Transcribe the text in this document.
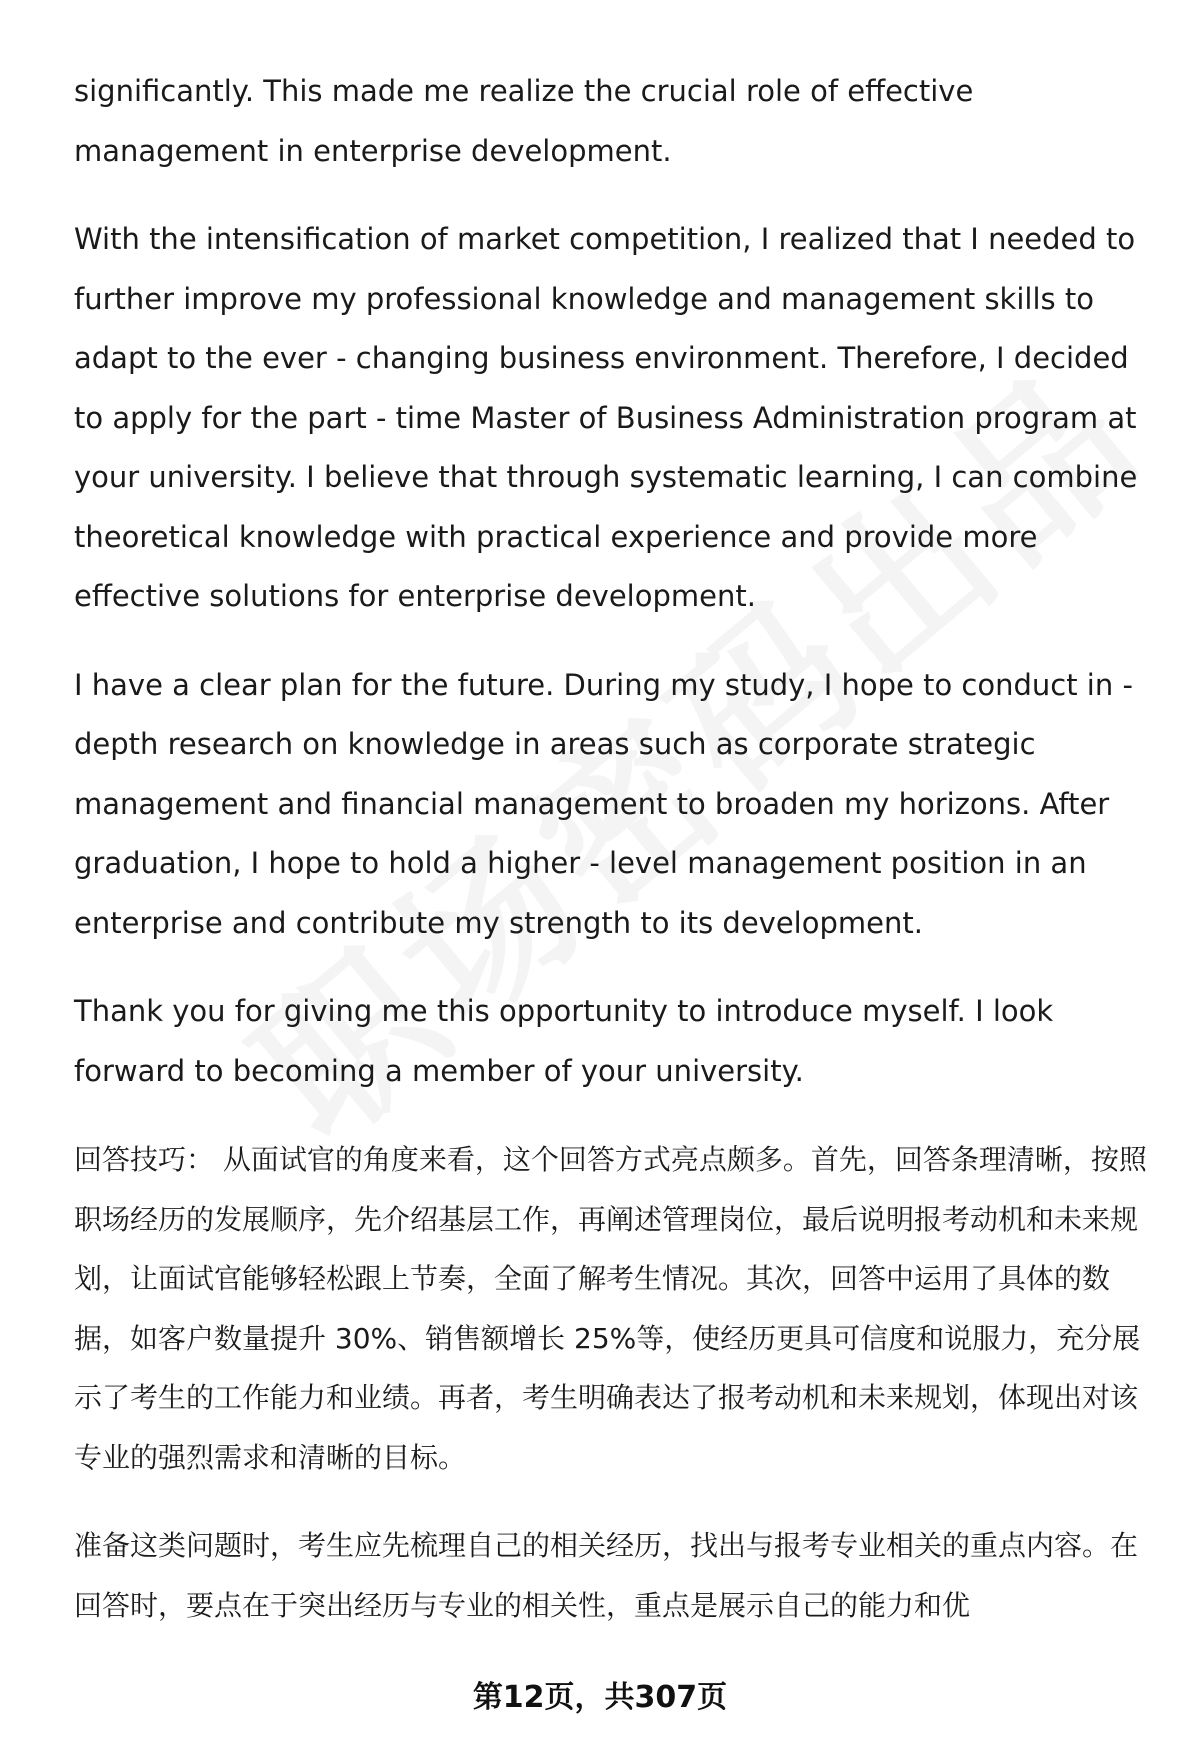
significantly. This made me realize the crucial role of effective management in enterprise development.

With the intensification of market competition, I realized that I needed to further improve my professional knowledge and management skills to adapt to the ever - changing business environment. Therefore, I decided to apply for the part - time Master of Business Administration program at your university. I believe that through systematic learning, I can combine theoretical knowledge with practical experience and provide more effective solutions for enterprise development.

I have a clear plan for the future. During my study, I hope to conduct in - depth research on knowledge in areas such as corporate strategic management and financial management to broaden my horizons. After graduation, I hope to hold a higher - level management position in an enterprise and contribute my strength to its development.

Thank you for giving me this opportunity to introduce myself. I look forward to becoming a member of your university.

回答技巧： 从面试官的角度来看，这个回答方式亮点颇多。首先，回答条理清晰，按照职场经历的发展顺序，先介绍基层工作，再阐述管理岗位，最后说明报考动机和未来规划，让面试官能够轻松跟上节奏，全面了解考生情况。其次，回答中运用了具体的数据，如客户数量提升 30%、销售额增长 25%等，使经历更具可信度和说服力，充分展示了考生的工作能力和业绩。再者，考生明确表达了报考动机和未来规划，体现出对该专业的强烈需求和清晰的目标。

准备这类问题时，考生应先梳理自己的相关经历，找出与报考专业相关的重点内容。在回答时，要点在于突出经历与专业的相关性，重点是展示自己的能力和优

第12页，共307页
